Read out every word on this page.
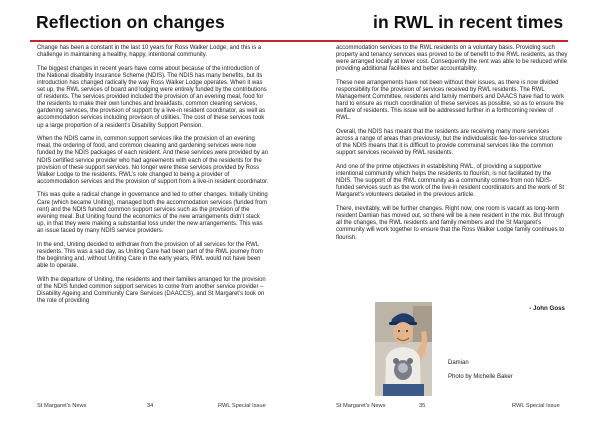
Reflection on changes

Change has been a constant in the last 10 years for Ross Walker Lodge, and this is a challenge in maintaining a healthy, happy, intentional community.

The biggest changes in recent years have come about because of the introduction of the National disability Insurance Scheme (NDIS). The NDIS has many benefits, but its introduction has changed radically the way Ross Walker Lodge operates. When it was set up, the RWL services of board and lodging were entirely funded by the contributions of residents. The services provided included the provision of an evening meal, food for the residents to make their own lunches and breakfasts, common cleaning services, gardening services, the provision of support by a live-in resident coordinator, as well as accommodation services including provision of utilities. The cost of these services took up a large proportion of a resident’s Disability Support Pension.

When the NDIS came in, common support services like the provision of an evening meal, the ordering of food, and common cleaning and gardening services were now funded by the NDIS packages of each resident. And these services were provided by an NDIS certified service provider who had agreements with each of the residents for the provision of these support services. No longer were these services provided by Ross Walker Lodge to the residents. RWL’s role changed to being a provider of accommodation services and the provision of support from a live-in resident coordinator.

This was quite a radical change in governance and led to other changes. Initially Uniting Care (which became Uniting), managed both the accommodation services (funded from rent) and the NDIS funded common support services such as the provision of the evening meal. But Uniting found the economics of the new arrangements didn’t stack up, in that they were making a substantial loss under the new arrangements. This was an issue faced by many NDIS service providers.

In the end, Uniting decided to withdraw from the provision of all services for the RWL residents. This was a sad day, as Uniting Care had been part of the RWL journey from the beginning and, without Uniting Care in the early years, RWL would not have been able to operate.

With the departure of Uniting, the residents and their families arranged for the provision of the NDIS funded common support services to come from another service provider – Disability Ageing and Community Care Services (DAACCS), and St Margaret’s took on the role of providing

St Margaret's News	34	RWL Special Issue
in RWL in recent times

accommodation services to the RWL residents on a voluntary basis. Providing such property and tenancy services was proved to be of benefit to the RWL residents, as they were arranged locally at lower cost. Consequently the rent was able to be reduced while providing additional facilities and better accountability.

These new arrangements have not been without their issues, as there is now divided responsibility for the provision of services received by RWL residents. The RWL Management Committee, residents and family members and DAACS have had to work hard to ensure as much coordination of these services as possible, so as to ensure the welfare of residents. This issue will be addressed further in a forthcoming review of RWL.

Overall, the NDIS has meant that the residents are receiving many more services across a range of areas than previously, but the individualistic fee-for-service structure of the NDIS means that it is difficult to provide communal services like the common support services received by RWL residents.

And one of the prime objectives in establishing RWL, of providing a supportive intentional community which helps the residents to flourish, is not facilitated by the NDIS. The support of the RWL community as a community comes from non NDIS-funded services such as the work of the live-in resident coordinators and the work of St Margaret’s volunteers detailed in the previous article.

There, inevitably, will be further changes. Right now, one room is vacant as long-term resident Damian has moved out, so there will be a new resident in the mix. But through all the changes, the RWL residents and family members and the St Margaret’s community will work together to ensure that the Ross Walker Lodge family continues to flourish.

- John Goss
Damian
Photo by Michelle Baker
St Margaret's News	35	RWL Special Issue
